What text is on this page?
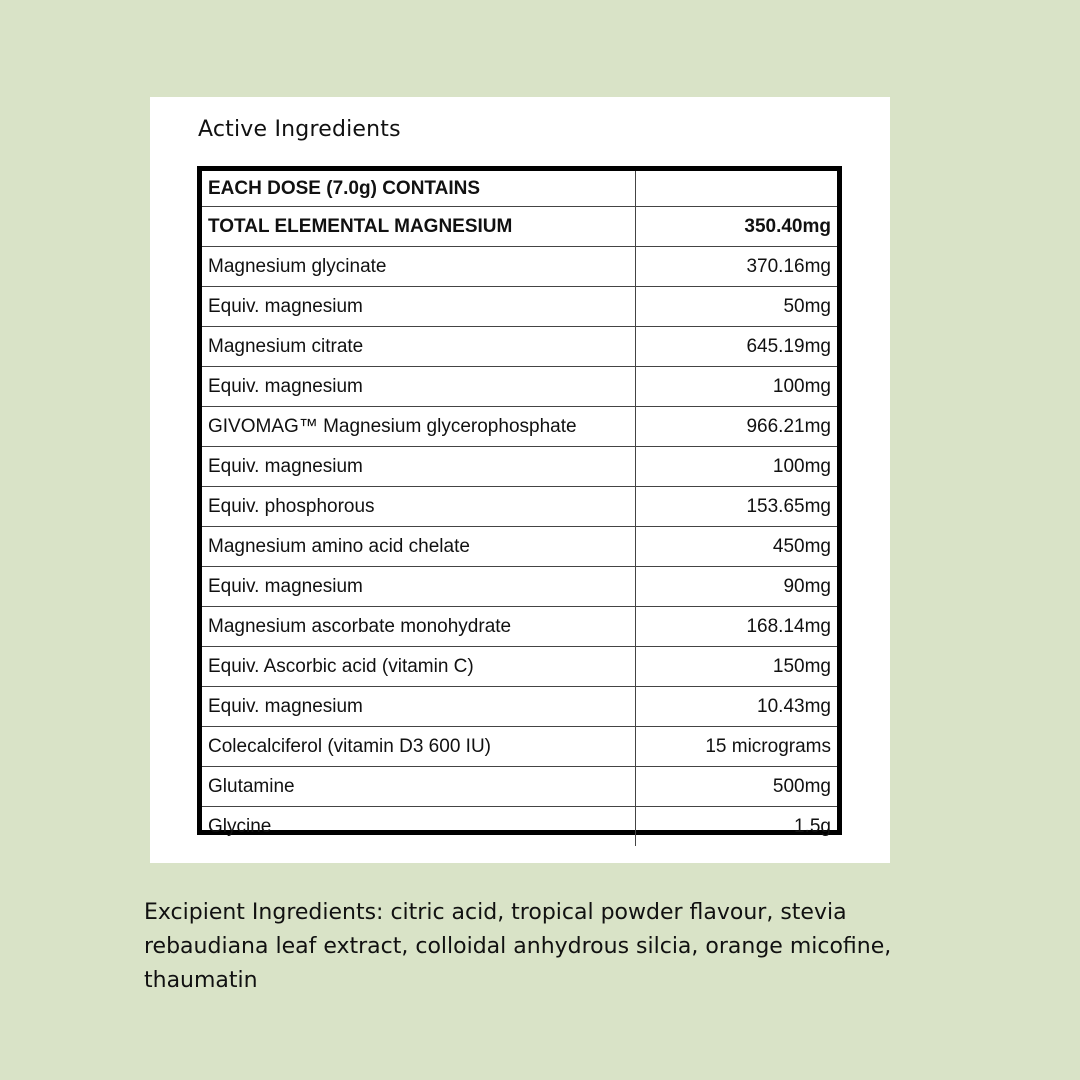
Active Ingredients
EACH DOSE (7.0g) CONTAINS	
TOTAL ELEMENTAL MAGNESIUM	350.40mg
Magnesium glycinate	370.16mg
Equiv. magnesium	50mg
Magnesium citrate	645.19mg
Equiv. magnesium	100mg
GIVOMAG™ Magnesium glycerophosphate	966.21mg
Equiv. magnesium	100mg
Equiv. phosphorous	153.65mg
Magnesium amino acid chelate	450mg
Equiv. magnesium	90mg
Magnesium ascorbate monohydrate	168.14mg
Equiv. Ascorbic acid (vitamin C)	150mg
Equiv. magnesium	10.43mg
Colecalciferol (vitamin D3 600 IU)	15 micrograms
Glutamine	500mg
Glycine	1.5g
Excipient Ingredients: citric acid, tropical powder flavour, stevia rebaudiana leaf extract, colloidal anhydrous silcia, orange micofine, thaumatin
